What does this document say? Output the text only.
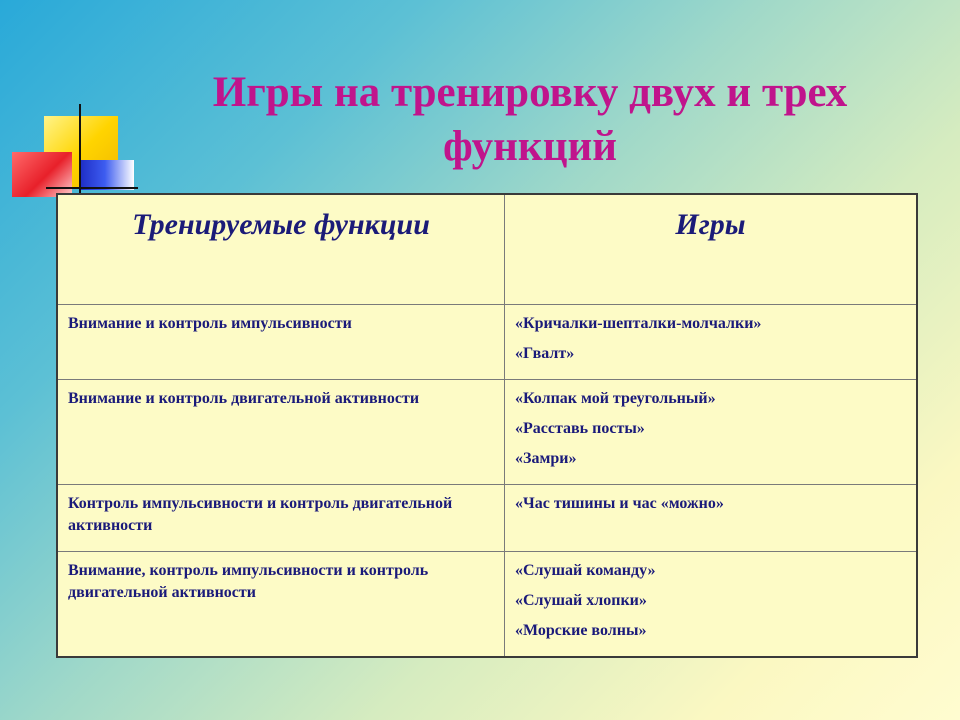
Игры на тренировку двух и трех функций
Тренируемые функции	Игры
Внимание и контроль импульсивности	«Кричалки-шепталки-молчалки»
«Гвалт»

Внимание и контроль двигательной активности	«Колпак мой треугольный»
«Расставь посты»
«Замри»

Контроль импульсивности и контроль двигательной активности	«Час тишины и час «можно»

Внимание, контроль импульсивности и контроль двигательной активности	«Слушай команду»
«Слушай хлопки»
«Морские волны»
